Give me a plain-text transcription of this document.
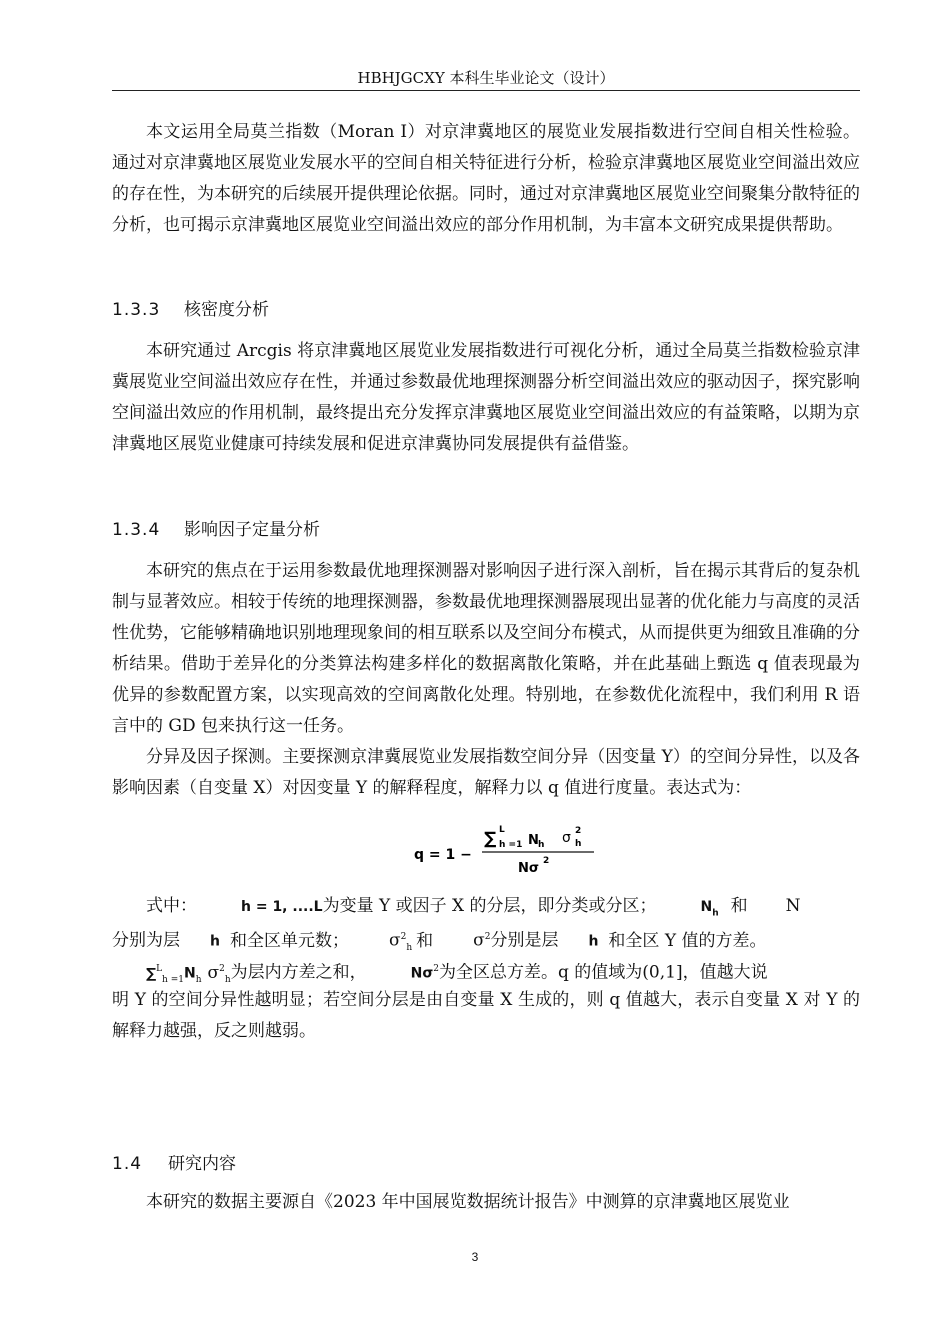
HBHJGCXY 本科生毕业论文（设计）

本文运用全局莫兰指数（Moran I）对京津冀地区的展览业发展指数进行空间自相关性检验。通过对京津冀地区展览业发展水平的空间自相关特征进行分析，检验京津冀地区展览业空间溢出效应的存在性，为本研究的后续展开提供理论依据。同时，通过对京津冀地区展览业空间聚集分散特征的分析，也可揭示京津冀地区展览业空间溢出效应的部分作用机制，为丰富本文研究成果提供帮助。

1.3.3 核密度分析

本研究通过 Arcgis 将京津冀地区展览业发展指数进行可视化分析，通过全局莫兰指数检验京津冀展览业空间溢出效应存在性，并通过参数最优地理探测器分析空间溢出效应的驱动因子，探究影响空间溢出效应的作用机制，最终提出充分发挥京津冀地区展览业空间溢出效应的有益策略，以期为京津冀地区展览业健康可持续发展和促进京津冀协同发展提供有益借鉴。

1.3.4 影响因子定量分析

本研究的焦点在于运用参数最优地理探测器对影响因子进行深入剖析，旨在揭示其背后的复杂机制与显著效应。相较于传统的地理探测器，参数最优地理探测器展现出显著的优化能力与高度的灵活性优势，它能够精确地识别地理现象间的相互联系以及空间分布模式，从而提供更为细致且准确的分析结果。借助于差异化的分类算法构建多样化的数据离散化策略，并在此基础上甄选 q 值表现最为优异的参数配置方案，以实现高效的空间离散化处理。特别地，在参数优化流程中，我们利用 R 语言中的 GD 包来执行这一任务。

分异及因子探测。主要探测京津冀展览业发展指数空间分异（因变量 Y）的空间分异性，以及各影响因素（自变量 X）对因变量 Y 的解释程度，解释力以 q 值进行度量。表达式为：

q = 1 −
∑ L
h =1 N h σ 2
h
Nσ 2
式中：	h = 1, ....L为变量 Y 或因子 X 的分层，即分类或分区；	$N_h$ 和 N
分别为层 h 和全区单元数； $\sigma^2_h$ 和 $\sigma^2$分别是层 h 和全区 Y 值的方差。
$\sum^L_{h =1}N_h$ $\sigma^2_h$为层内方差之和，	$N\sigma^2$为全区总方差。q 的值域为(0,1]，值越大说

明 Y 的空间分异性越明显；若空间分层是由自变量 X 生成的，则 q 值越大，表示自变量 X 对 Y 的解释力越强，反之则越弱。

1.4 研究内容

本研究的数据主要源自《2023 年中国展览数据统计报告》中测算的京津冀地区展览业

3
